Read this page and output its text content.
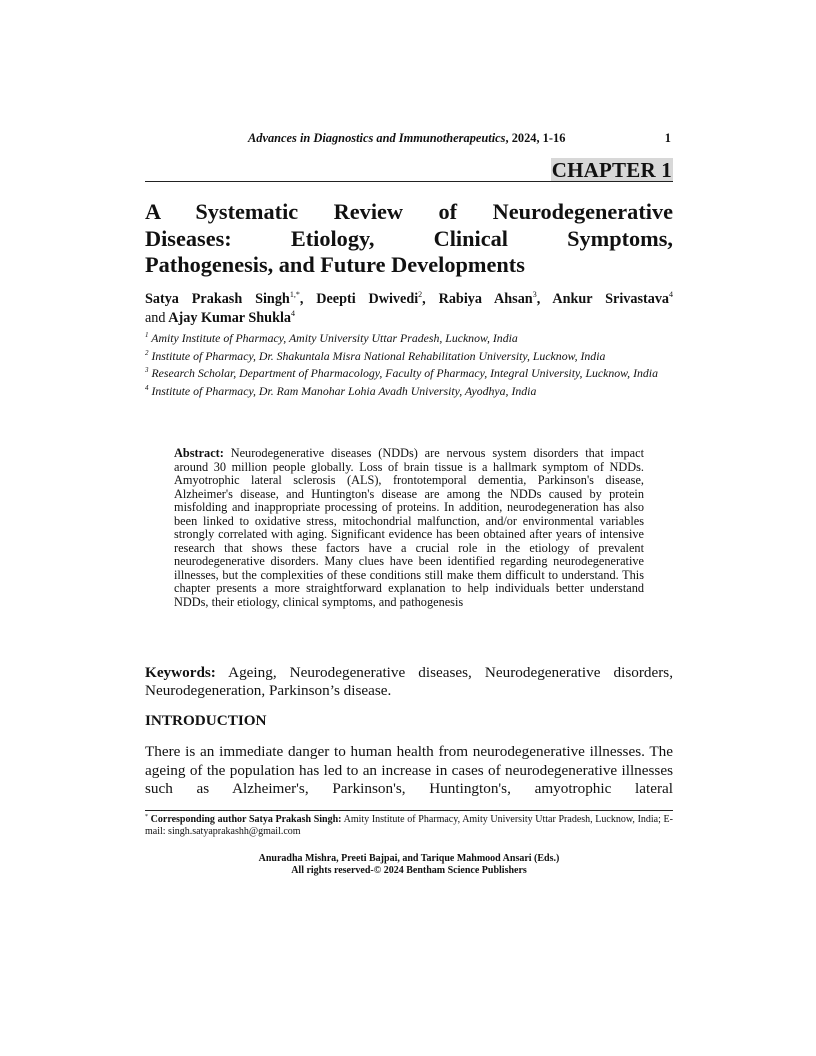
Advances in Diagnostics and Immunotherapeutics, 2024, 1-16	1
CHAPTER 1
A Systematic Review of Neurodegenerative
Diseases: Etiology, Clinical Symptoms,
Pathogenesis, and Future Developments
Satya Prakash Singh$^{1,*}$, Deepti Dwivedi$^2$, Rabiya Ahsan$^3$, Ankur Srivastava$^4$
and Ajay Kumar Shukla$^4$
$^1$ Amity Institute of Pharmacy, Amity University Uttar Pradesh, Lucknow, India
$^2$ Institute of Pharmacy, Dr. Shakuntala Misra National Rehabilitation University, Lucknow, India
$^3$ Research Scholar, Department of Pharmacology, Faculty of Pharmacy, Integral University, Lucknow, India
$^4$ Institute of Pharmacy, Dr. Ram Manohar Lohia Avadh University, Ayodhya, India
Abstract: Neurodegenerative diseases (NDDs) are nervous system disorders that impact around 30 million people globally. Loss of brain tissue is a hallmark symptom of NDDs. Amyotrophic lateral sclerosis (ALS), frontotemporal dementia, Parkinson's disease, Alzheimer's disease, and Huntington's disease are among the NDDs caused by protein misfolding and inappropriate processing of proteins. In addition, neurodegeneration has also been linked to oxidative stress, mitochondrial malfunction, and/or environmental variables strongly correlated with aging. Significant evidence has been obtained after years of intensive research that shows these factors have a crucial role in the etiology of prevalent neurodegenerative disorders. Many clues have been identified regarding neurodegenerative illnesses, but the complexities of these conditions still make them difficult to understand. This chapter presents a more straightforward explanation to help individuals better understand NDDs, their etiology, clinical symptoms, and pathogenesis
Keywords: Ageing, Neurodegenerative diseases, Neurodegenerative disorders, Neurodegeneration, Parkinson’s disease.
INTRODUCTION
There is an immediate danger to human health from neurodegenerative illnesses. The ageing of the population has led to an increase in cases of neurodegenerative illnesses such as Alzheimer's, Parkinson's, Huntington's, amyotrophic lateral
* Corresponding author Satya Prakash Singh: Amity Institute of Pharmacy, Amity University Uttar Pradesh, Lucknow, India; E-mail: singh.satyaprakashh@gmail.com
Anuradha Mishra, Preeti Bajpai, and Tarique Mahmood Ansari (Eds.)
All rights reserved-© 2024 Bentham Science Publishers
